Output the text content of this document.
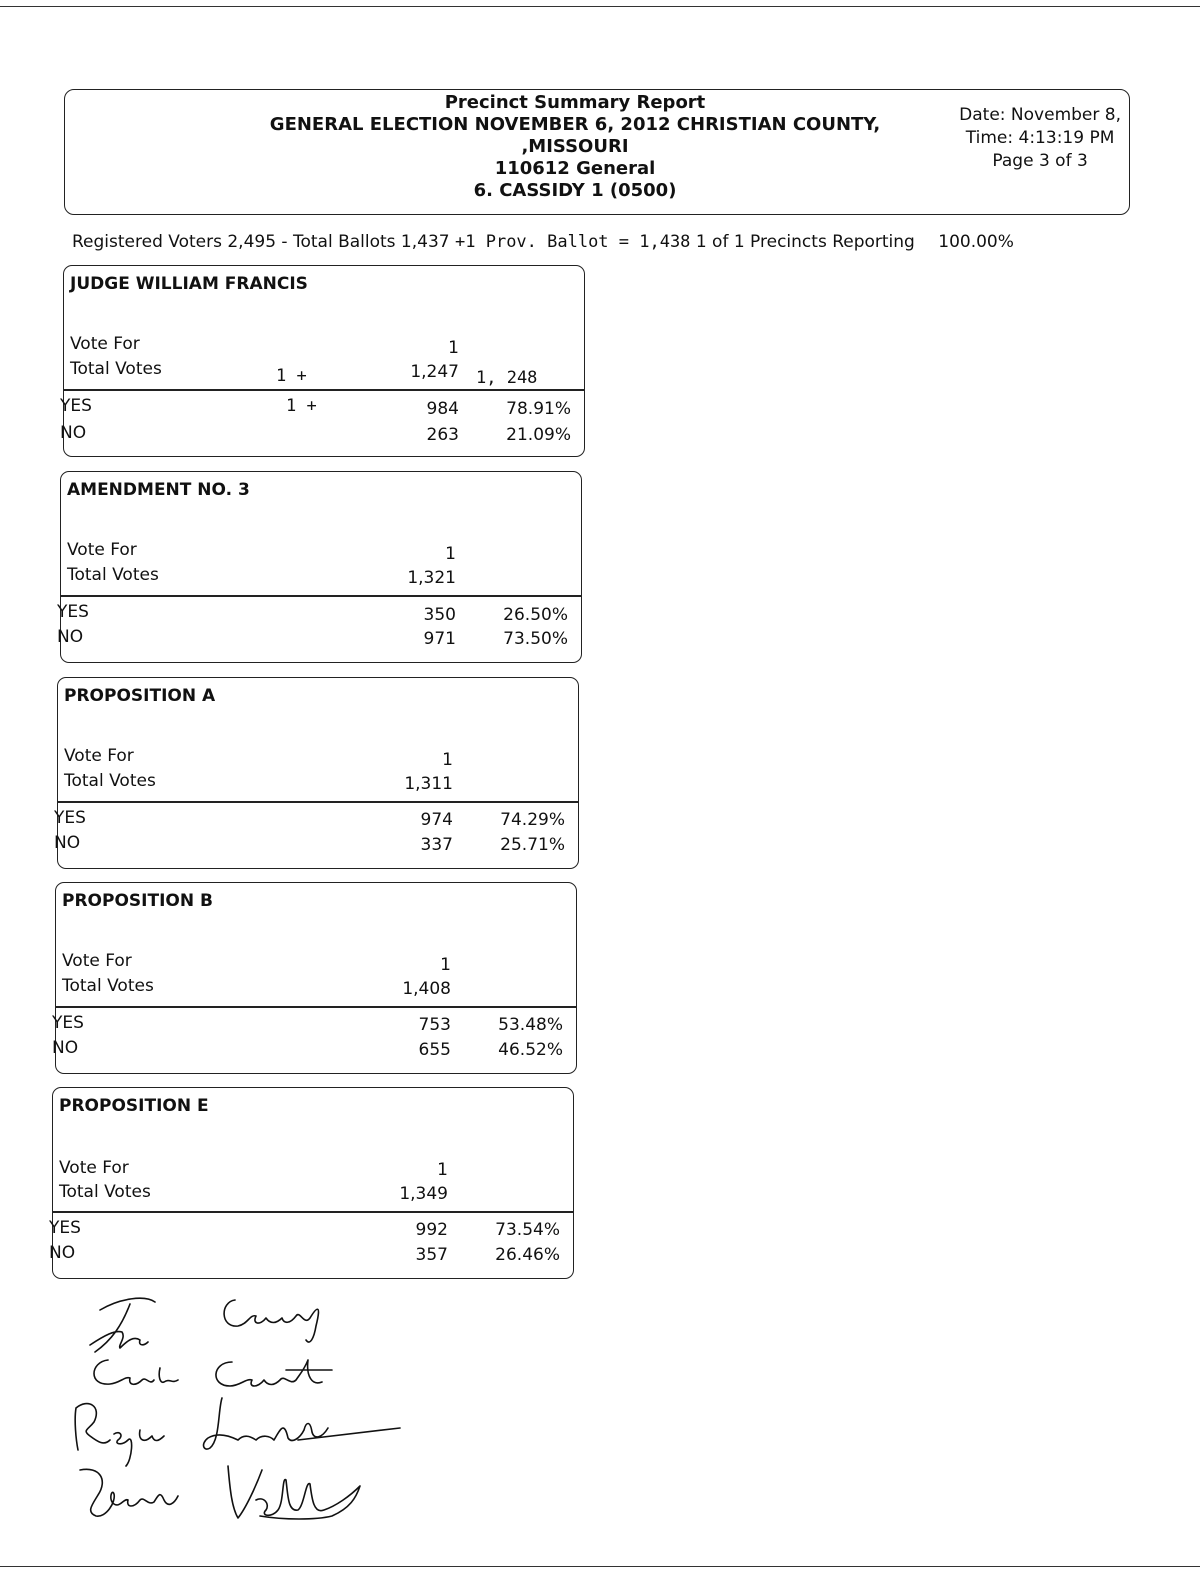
Precinct Summary Report
GENERAL ELECTION NOVEMBER 6, 2012 CHRISTIAN COUNTY,
,MISSOURI
110612 General
6. CASSIDY 1 (0500)
Date: November 8,
Time: 4:13:19 PM
Page 3 of 3
Registered Voters 2,495 - Total Ballots 1,437 +1 Prov. Ballot = 1,438 1 of 1 Precincts Reporting 100.00%
JUDGE WILLIAM FRANCIS
Vote For	1
Total Votes	1 +	1,247 1, 248
YES	1 +	984	78.91%
NO	263	21.09%
AMENDMENT NO. 3
Vote For	1
Total Votes	1,321
YES	350	26.50%
NO	971	73.50%
PROPOSITION A
Vote For	1
Total Votes	1,311
YES	974	74.29%
NO	337	25.71%
PROPOSITION B
Vote For	1
Total Votes	1,408
YES	753	53.48%
NO	655	46.52%
PROPOSITION E
Vote For	1
Total Votes	1,349
YES	992	73.54%
NO	357	26.46%
